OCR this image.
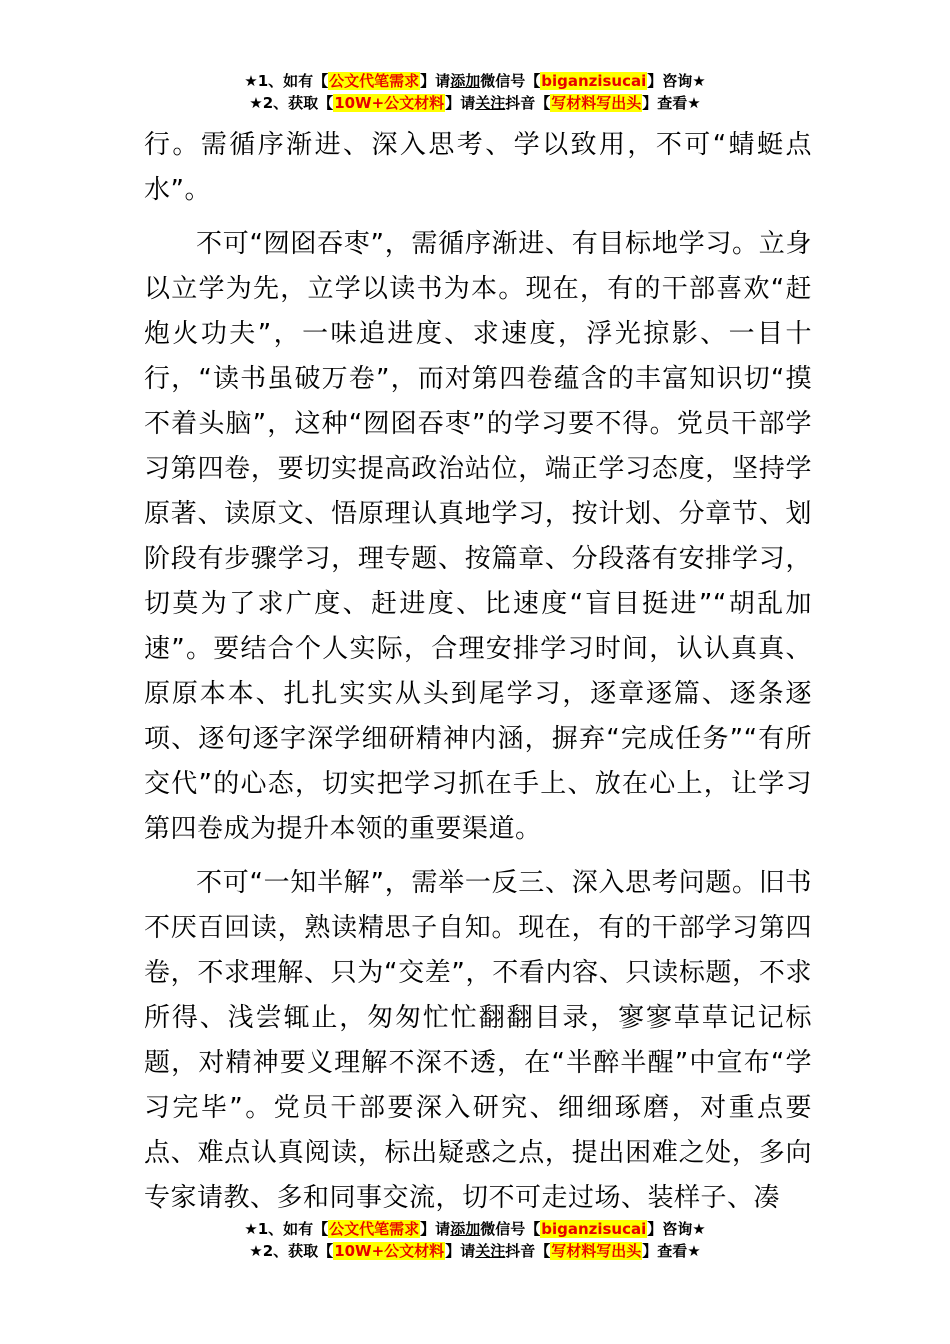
★1、如有【公文代笔需求】请添加微信号【biganzisucai】咨询★
★2、获取【10W+公文材料】请关注抖音【写材料写出头】查看★

行。需循序渐进、深入思考、学以致用，不可“蜻蜓点水”。

不可“囫囵吞枣”，需循序渐进、有目标地学习。立身以立学为先，立学以读书为本。现在，有的干部喜欢“赶炮火功夫”，一味追进度、求速度，浮光掠影、一目十行，“读书虽破万卷”，而对第四卷蕴含的丰富知识切“摸不着头脑”，这种“囫囵吞枣”的学习要不得。党员干部学习第四卷，要切实提高政治站位，端正学习态度，坚持学原著、读原文、悟原理认真地学习，按计划、分章节、划阶段有步骤学习，理专题、按篇章、分段落有安排学习，切莫为了求广度、赶进度、比速度“盲目挺进”“胡乱加速”。要结合个人实际，合理安排学习时间，认认真真、原原本本、扎扎实实从头到尾学习，逐章逐篇、逐条逐项、逐句逐字深学细研精神内涵，摒弃“完成任务”“有所交代”的心态，切实把学习抓在手上、放在心上，让学习第四卷成为提升本领的重要渠道。

不可“一知半解”，需举一反三、深入思考问题。旧书不厌百回读，熟读精思子自知。现在，有的干部学习第四卷，不求理解、只为“交差”，不看内容、只读标题，不求所得、浅尝辄止，匆匆忙忙翻翻目录，寥寥草草记记标题，对精神要义理解不深不透，在“半醉半醒”中宣布“学习完毕”。党员干部要深入研究、细细琢磨，对重点要点、难点认真阅读，标出疑惑之点，提出困难之处，多向专家请教、多和同事交流，切不可走过场、装样子、凑

★1、如有【公文代笔需求】请添加微信号【biganzisucai】咨询★
★2、获取【10W+公文材料】请关注抖音【写材料写出头】查看★
